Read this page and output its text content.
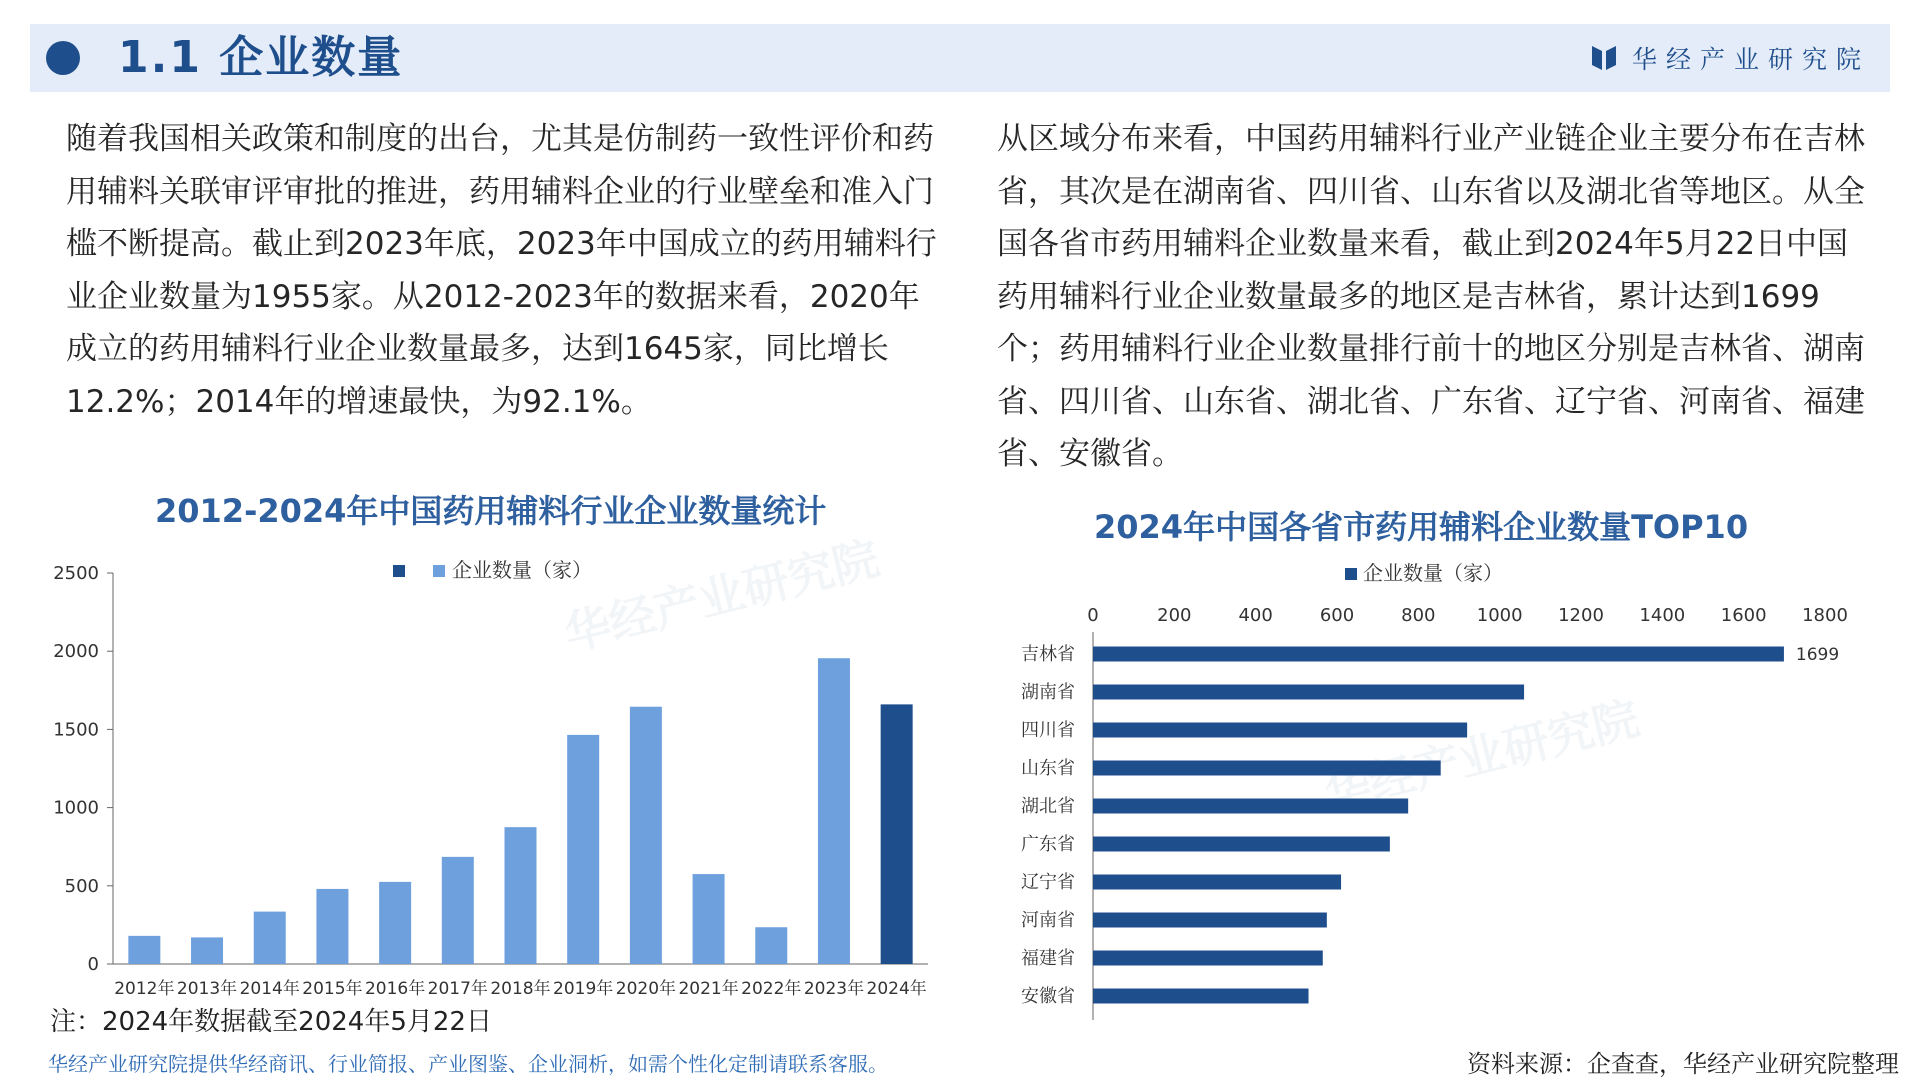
华经产业研究院
华经产业研究院
1.1 企业数量	华经产业研究院

随着我国相关政策和制度的出台，尤其是仿制药一致性评价和药用辅料关联审评审批的推进，药用辅料企业的行业壁垒和准入门槛不断提高。截止到2023年底，2023年中国成立的药用辅料行业企业数量为1955家。从2012-2023年的数据来看，2020年成立的药用辅料行业企业数量最多，达到1645家，同比增长12.2%；2014年的增速最快，为92.1%。

从区域分布来看，中国药用辅料行业产业链企业主要分布在吉林省，其次是在湖南省、四川省、山东省以及湖北省等地区。从全国各省市药用辅料企业数量来看，截止到2024年5月22日中国药用辅料行业企业数量最多的地区是吉林省，累计达到1699个；药用辅料行业企业数量排行前十的地区分别是吉林省、湖南省、四川省、山东省、湖北省、广东省、辽宁省、河南省、福建省、安徽省。

2012-2024年中国药用辅料行业企业数量统计
企业数量（家）
0
500
1000
1500
2000
2500
2012年 2013年 2014年 2015年 2016年 2017年 2018年 2019年 2020年 2021年 2022年 2023年 2024年
2024年中国各省市药用辅料企业数量TOP10
企业数量（家）
0	200	400	600	800 1000 1200 1400 1600 1800
吉林省	1699
湖南省
四川省
山东省
湖北省
广东省
辽宁省
河南省
福建省
安徽省
注：2024年数据截至2024年5月22日
华经产业研究院提供华经商讯、行业简报、产业图鉴、企业洞析，如需个性化定制请联系客服。	资料来源：企查查，华经产业研究院整理
